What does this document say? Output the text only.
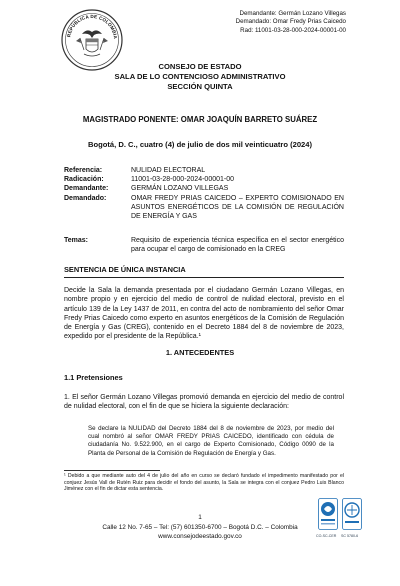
REPÚBLICA DE COLOMBIA
Demandante: Germán Lozano Villegas
Demandado: Omar Fredy Prias Caicedo
Rad: 11001-03-28-000-2024-00001-00
CONSEJO DE ESTADO
SALA DE LO CONTENCIOSO ADMINISTRATIVO
SECCIÓN QUINTA
MAGISTRADO PONENTE: OMAR JOAQUÍN BARRETO SUÁREZ
Bogotá, D. C., cuatro (4) de julio de dos mil veinticuatro (2024)
Referencia:	NULIDAD ELECTORAL
Radicación:	11001-03-28-000-2024-00001-00
Demandante:	GERMÁN LOZANO VILLEGAS
Demandado:	OMAR FREDY PRIAS CAICEDO – EXPERTO COMISIONADO EN ASUNTOS ENERGÉTICOS DE LA COMISIÓN DE REGULACIÓN DE ENERGÍA Y GAS
Temas:	Requisito de experiencia técnica específica en el sector energético para ocupar el cargo de comisionado en la CREG
SENTENCIA DE ÚNICA INSTANCIA
Decide la Sala la demanda presentada por el ciudadano Germán Lozano Villegas, en nombre propio y en ejercicio del medio de control de nulidad electoral, previsto en el artículo 139 de la Ley 1437 de 2011, en contra del acto de nombramiento del señor Omar Fredy Prias Caicedo como experto en asuntos energéticos de la Comisión de Regulación de Energía y Gas (CREG), contenido en el Decreto 1884 del 8 de noviembre de 2023, expedido por el presidente de la República.¹
1. ANTECEDENTES
1.1 Pretensiones
1. El señor Germán Lozano Villegas promovió demanda en ejercicio del medio de control de nulidad electoral, con el fin de que se hiciera la siguiente declaración:
Se declare la NULIDAD del Decreto 1884 del 8 de noviembre de 2023, por medio del cual nombró al señor OMAR FREDY PRIAS CAICEDO, identificado con cédula de ciudadanía No. 9.522.900, en el cargo de Experto Comisionado, Código 0090 de la Planta de Personal de la Comisión de Regulación de Energía y Gas.
¹ Debido a que mediante auto del 4 de julio del año en curso se declaró fundado el impedimento manifestado por el conjuez Jesús Vall de Rutén Ruiz para decidir el fondo del asunto, la Sala se integra con el conjuez Pedro Luis Blanco Jiménez con el fin de dictar esta sentencia.
1
Calle 12 No. 7-65 – Tel: (57) 601350-6700 – Bogotá D.C. – Colombia
www.consejodeestado.gov.co	CO-SC-CER SC 5780-6
